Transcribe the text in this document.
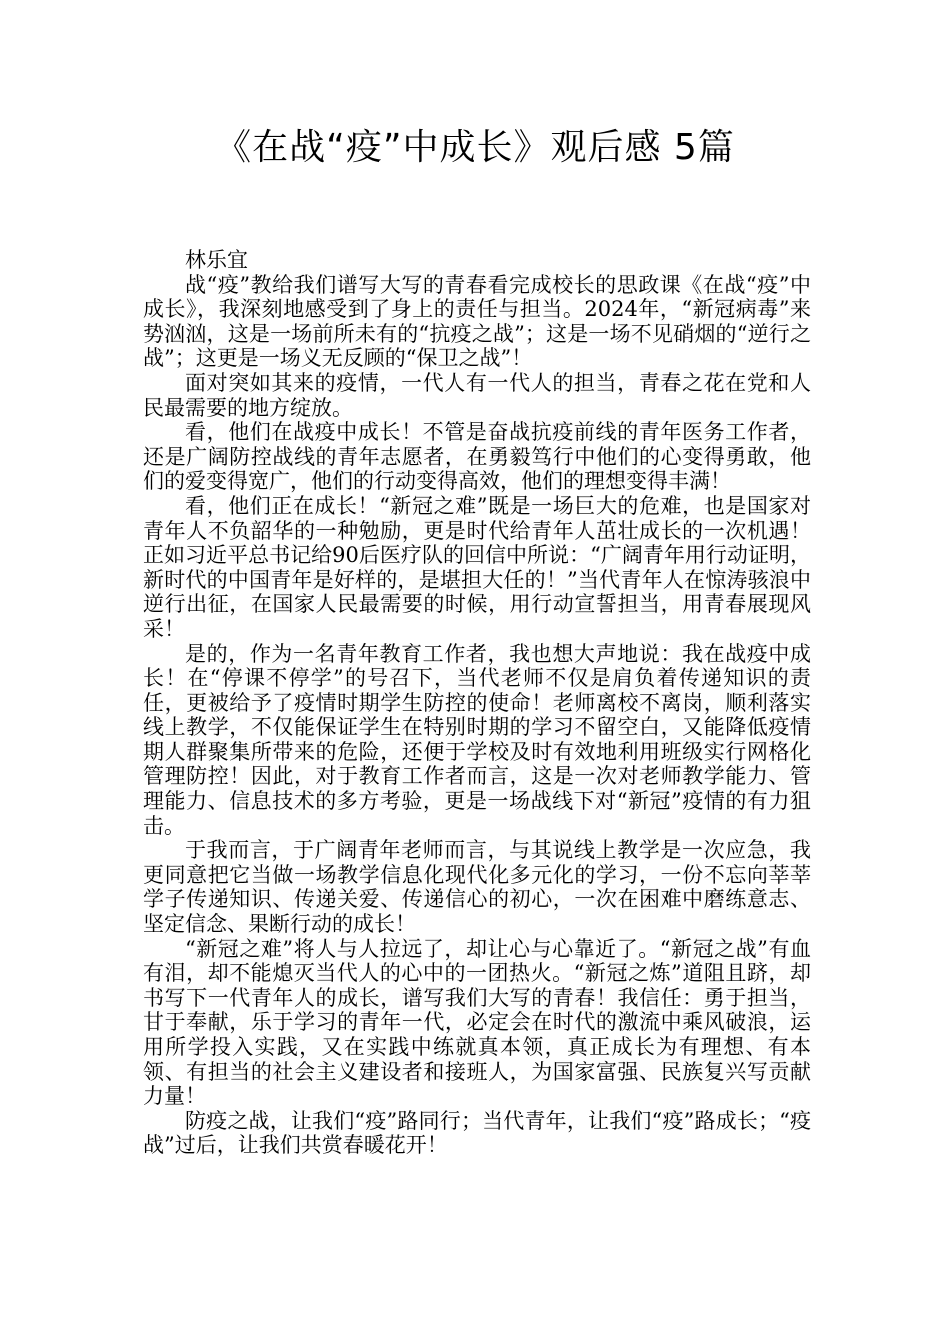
《在战“疫”中成长》观后感 5篇

林乐宜

战“疫”教给我们谱写大写的青春看完成校长的思政课《在战“疫”中成长》，我深刻地感受到了身上的责任与担当。2024年，“新冠病毒”来势汹汹，这是一场前所未有的“抗疫之战”；这是一场不见硝烟的“逆行之战”；这更是一场义无反顾的“保卫之战”！

面对突如其来的疫情，一代人有一代人的担当，青春之花在党和人民最需要的地方绽放。

看，他们在战疫中成长！不管是奋战抗疫前线的青年医务工作者，还是广阔防控战线的青年志愿者，在勇毅笃行中他们的心变得勇敢，他们的爱变得宽广，他们的行动变得高效，他们的理想变得丰满！

看，他们正在成长！“新冠之难”既是一场巨大的危难，也是国家对青年人不负韶华的一种勉励，更是时代给青年人茁壮成长的一次机遇！正如习近平总书记给90后医疗队的回信中所说：“广阔青年用行动证明，新时代的中国青年是好样的，是堪担大任的！”当代青年人在惊涛骇浪中逆行出征，在国家人民最需要的时候，用行动宣誓担当，用青春展现风采！

是的，作为一名青年教育工作者，我也想大声地说：我在战疫中成长！在“停课不停学”的号召下，当代老师不仅是肩负着传递知识的责任，更被给予了疫情时期学生防控的使命！老师离校不离岗，顺利落实线上教学，不仅能保证学生在特别时期的学习不留空白，又能降低疫情期人群聚集所带来的危险，还便于学校及时有效地利用班级实行网格化管理防控！因此，对于教育工作者而言，这是一次对老师教学能力、管理能力、信息技术的多方考验，更是一场战线下对“新冠”疫情的有力狙击。

于我而言，于广阔青年老师而言，与其说线上教学是一次应急，我更同意把它当做一场教学信息化现代化多元化的学习，一份不忘向莘莘学子传递知识、传递关爱、传递信心的初心，一次在困难中磨练意志、坚定信念、果断行动的成长！

“新冠之难”将人与人拉远了，却让心与心靠近了。“新冠之战”有血有泪，却不能熄灭当代人的心中的一团热火。“新冠之炼”道阻且跻，却书写下一代青年人的成长，谱写我们大写的青春！我信任：勇于担当，甘于奉献，乐于学习的青年一代，必定会在时代的激流中乘风破浪，运用所学投入实践，又在实践中练就真本领，真正成长为有理想、有本领、有担当的社会主义建设者和接班人，为国家富强、民族复兴写贡献力量！

防疫之战，让我们“疫”路同行；当代青年，让我们“疫”路成长；“疫战”过后，让我们共赏春暖花开！
